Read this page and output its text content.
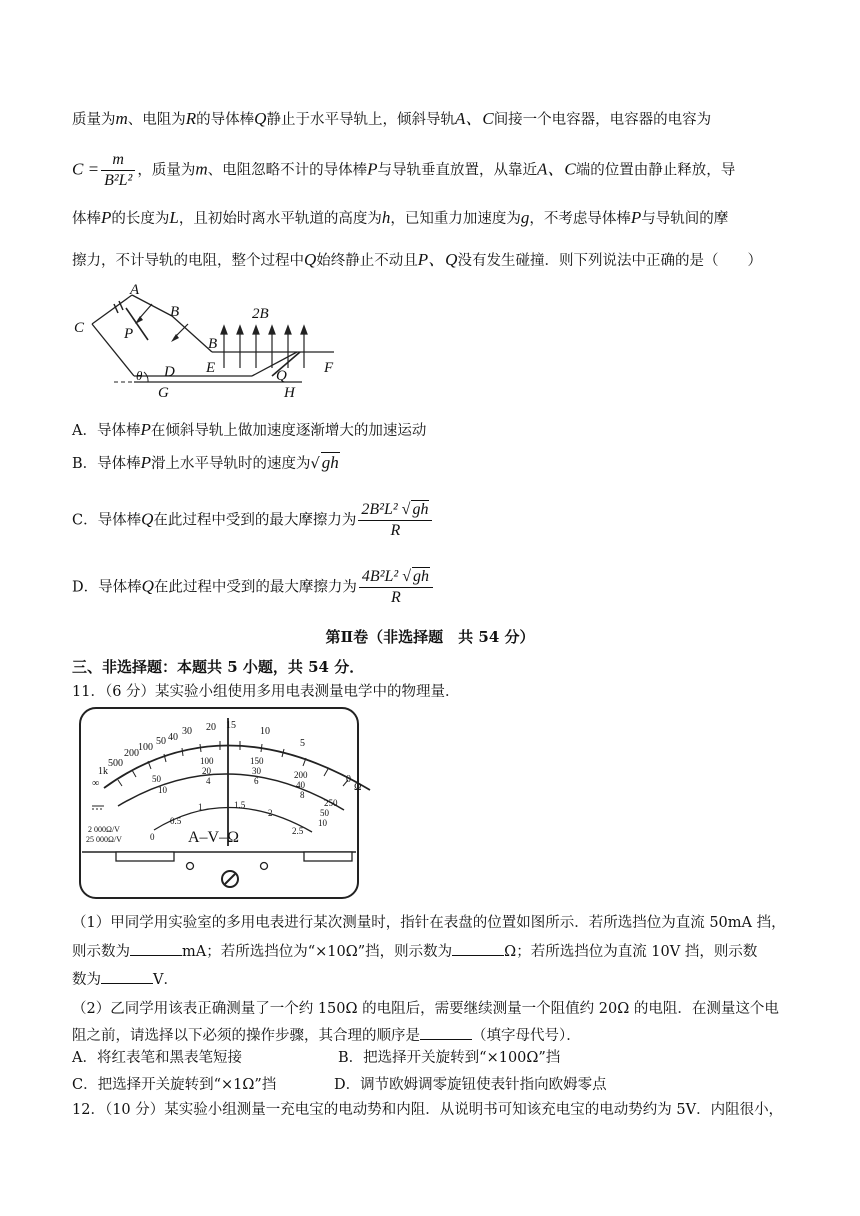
质量为m、电阻为R的导体棒Q静止于水平导轨上，倾斜导轨A、C间接一个电容器，电容器的电容为
$C = \frac{m}{\text{B²L²}}$ ，质量为m、电阻忽略不计的导体棒P与导轨垂直放置，从靠近A、C端的位置由静止释放，导
体棒P的长度为L，且初始时离水平轨道的高度为h，已知重力加速度为g，不考虑导体棒P与导轨间的摩
擦力，不计导轨的电阻，整个过程中Q始终静止不动且P、Q没有发生碰撞．则下列说法中正确的是（　　）
A
B
C	P
B
D
θ
G
E
2B
Q F
H
A．导体棒P在倾斜导轨上做加速度逐渐增大的加速运动
B．导体棒P滑上水平导轨时的速度为√ gh
C．导体棒Q在此过程中受到的最大摩擦力为 $\frac{\text{2B²L² √ gh}}{R}$
D．导体棒Q在此过程中受到的最大摩擦力为 $\frac{\text{4B²L² √ gh}}{R}$
第Ⅱ卷（非选择题　共 54 分）
三、非选择题：本题共 5 小题，共 54 分．
11．（6 分）某实验小组使用多用电表测量电学中的物理量．
∞
1k
500
200
100
50 40
30 20 15
10
5
0
Ω
50
10
100
20
4
150
30
6
200
40
8
250
50
10
0
0.5
1	1.5
2
2.5
A–V–Ω
2 000Ω/V
25 000Ω/V
（1）甲同学用实验室的多用电表进行某次测量时，指针在表盘的位置如图所示．若所选挡位为直流 50mA 挡，
则示数为	mA；若所选挡位为“×10Ω”挡，则示数为	Ω；若所选挡位为直流 10V 挡，则示数
数为	V．
（2）乙同学用该表正确测量了一个约 150Ω 的电阻后，需要继续测量一个阻值约 20Ω 的电阻．在测量这个电
阻之前，请选择以下必须的操作步骤，其合理的顺序是	（填字母代号）．
A．将红表笔和黑表笔短接	B．把选择开关旋转到“×100Ω”挡
C．把选择开关旋转到“×1Ω”挡	D．调节欧姆调零旋钮使表针指向欧姆零点
12．（10 分）某实验小组测量一充电宝的电动势和内阻．从说明书可知该充电宝的电动势约为 5V．内阻很小，
